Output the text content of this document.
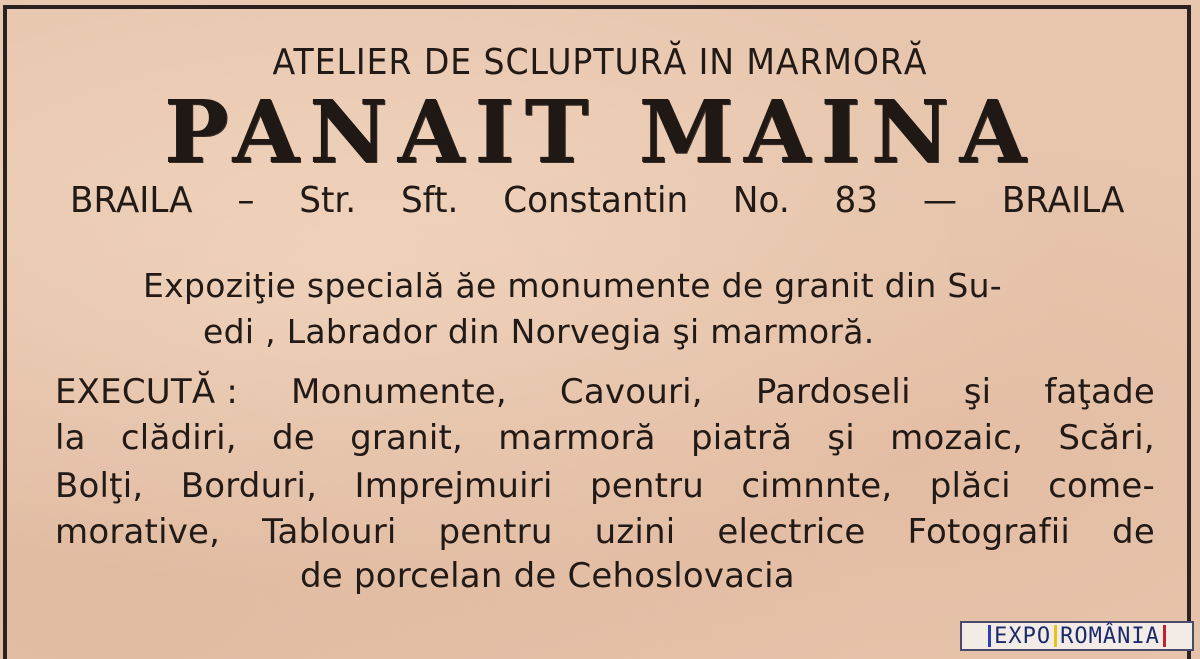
ATELIER DE SCLUPTURĂ IN MARMORĂ
PANAIT MAINA
BRAILA – Str. Sft. Constantin No. 83 — BRAILA
Expoziţie specială ăe monumente de granit din Su-
edi , Labrador din Norvegia şi marmoră.
EXECUTĂ : Monumente, Cavouri, Pardoseli şi faţade
la clădiri, de granit, marmoră piatră şi mozaic, Scări,
Bolţi, Borduri, Imprejmuiri pentru cimnnte, plăci come-
morative, Tablouri pentru uzini electrice Fotografii de
de porcelan de Cehoslovacia
EXPO ROMÂNIA
